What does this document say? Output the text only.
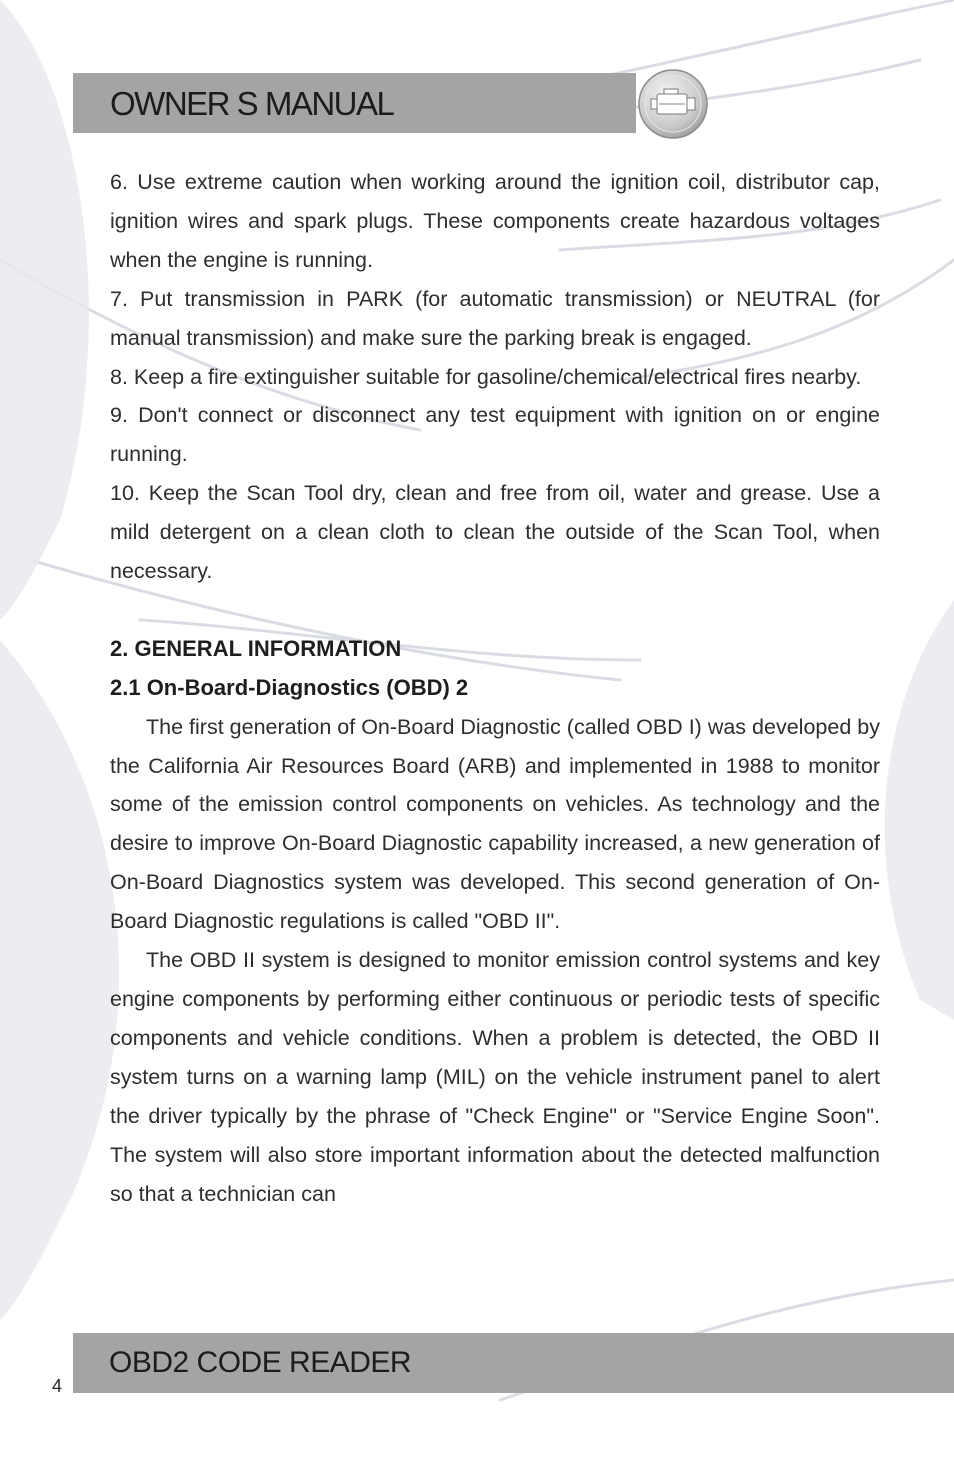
OWNER S MANUAL

6. Use extreme caution when working around the ignition coil, distributor cap, ignition wires and spark plugs. These components create hazardous voltages when the engine is running.

7. Put transmission in PARK (for automatic transmission) or NEUTRAL (for manual transmission) and make sure the parking break is engaged.

8. Keep a fire extinguisher suitable for gasoline/chemical/electrical fires nearby.

9. Don't connect or disconnect any test equipment with ignition on or engine running.

10. Keep the Scan Tool dry, clean and free from oil, water and grease. Use a mild detergent on a clean cloth to clean the outside of the Scan Tool, when necessary.

2. GENERAL INFORMATION

2.1 On-Board-Diagnostics (OBD) 2

The first generation of On-Board Diagnostic (called OBD I) was developed by the California Air Resources Board (ARB) and implemented in 1988 to monitor some of the emission control components on vehicles. As technology and the desire to improve On-Board Diagnostic capability increased, a new generation of On-Board Diagnostics system was developed. This second generation of On-Board Diagnostic regulations is called "OBD II".

The OBD II system is designed to monitor emission control systems and key engine components by performing either continuous or periodic tests of specific components and vehicle conditions. When a problem is detected, the OBD II system turns on a warning lamp (MIL) on the vehicle instrument panel to alert the driver typically by the phrase of "Check Engine" or "Service Engine Soon". The system will also store important information about the detected malfunction so that a technician can

OBD2 CODE READER
4
